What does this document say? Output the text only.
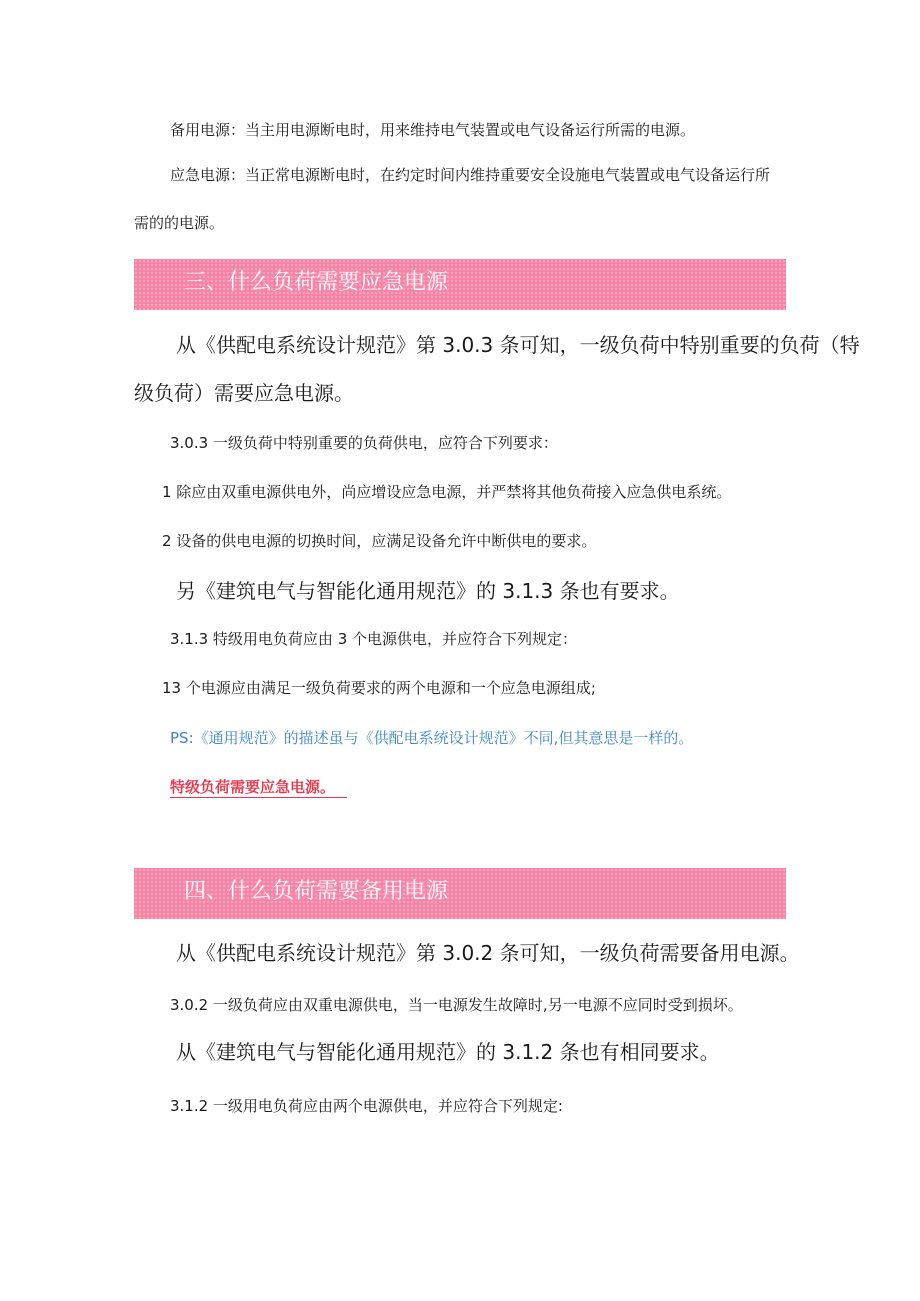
备用电源：当主用电源断电时，用来维持电气装置或电气设备运行所需的电源。
应急电源：当正常电源断电时，在约定时间内维持重要安全设施电气装置或电气设备运行所
需的的电源。
三、什么负荷需要应急电源
从《供配电系统设计规范》第 3.0.3 条可知，一级负荷中特别重要的负荷（特
级负荷）需要应急电源。
3.0.3 一级负荷中特别重要的负荷供电，应符合下列要求：
1 除应由双重电源供电外，尚应增设应急电源，并严禁将其他负荷接入应急供电系统。
2 设备的供电电源的切换时间，应满足设备允许中断供电的要求。
另《建筑电气与智能化通用规范》的 3.1.3 条也有要求。
3.1.3 特级用电负荷应由 3 个电源供电，并应符合下列规定：
13 个电源应由满足一级负荷要求的两个电源和一个应急电源组成;
PS:《通用规范》的描述虽与《供配电系统设计规范》不同,但其意思是一样的。
特级负荷需要应急电源。
四、什么负荷需要备用电源
从《供配电系统设计规范》第 3.0.2 条可知，一级负荷需要备用电源。
3.0.2 一级负荷应由双重电源供电，当一电源发生故障时,另一电源不应同时受到损坏。
从《建筑电气与智能化通用规范》的 3.1.2 条也有相同要求。
3.1.2 一级用电负荷应由两个电源供电，并应符合下列规定:
